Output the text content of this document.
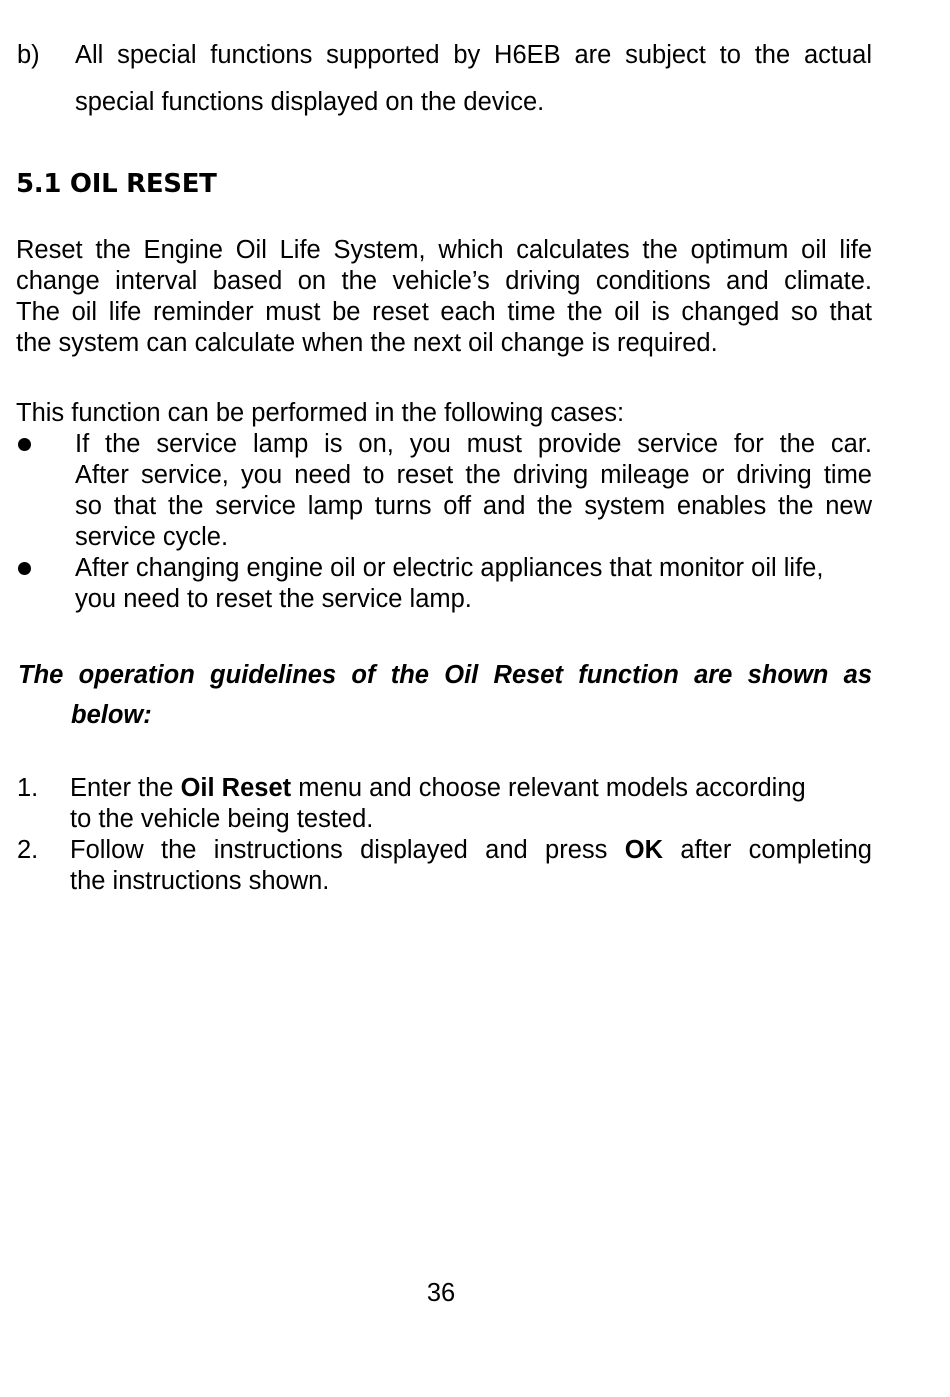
b) All special functions supported by H6EB are subject to the actual
special functions displayed on the device.
5.1 OIL RESET
Reset the Engine Oil Life System, which calculates the optimum oil life
change interval based on the vehicle’s driving conditions and climate.
The oil life reminder must be reset each time the oil is changed so that
the system can calculate when the next oil change is required.
This function can be performed in the following cases:
If the service lamp is on, you must provide service for the car.
After service, you need to reset the driving mileage or driving time
so that the service lamp turns off and the system enables the new
service cycle.
After changing engine oil or electric appliances that monitor oil life,
you need to reset the service lamp.
The operation guidelines of the Oil Reset function are shown as
below:
1. Enter the Oil Reset menu and choose relevant models according
to the vehicle being tested.
2. Follow the instructions displayed and press OK after completing
the instructions shown.
36
